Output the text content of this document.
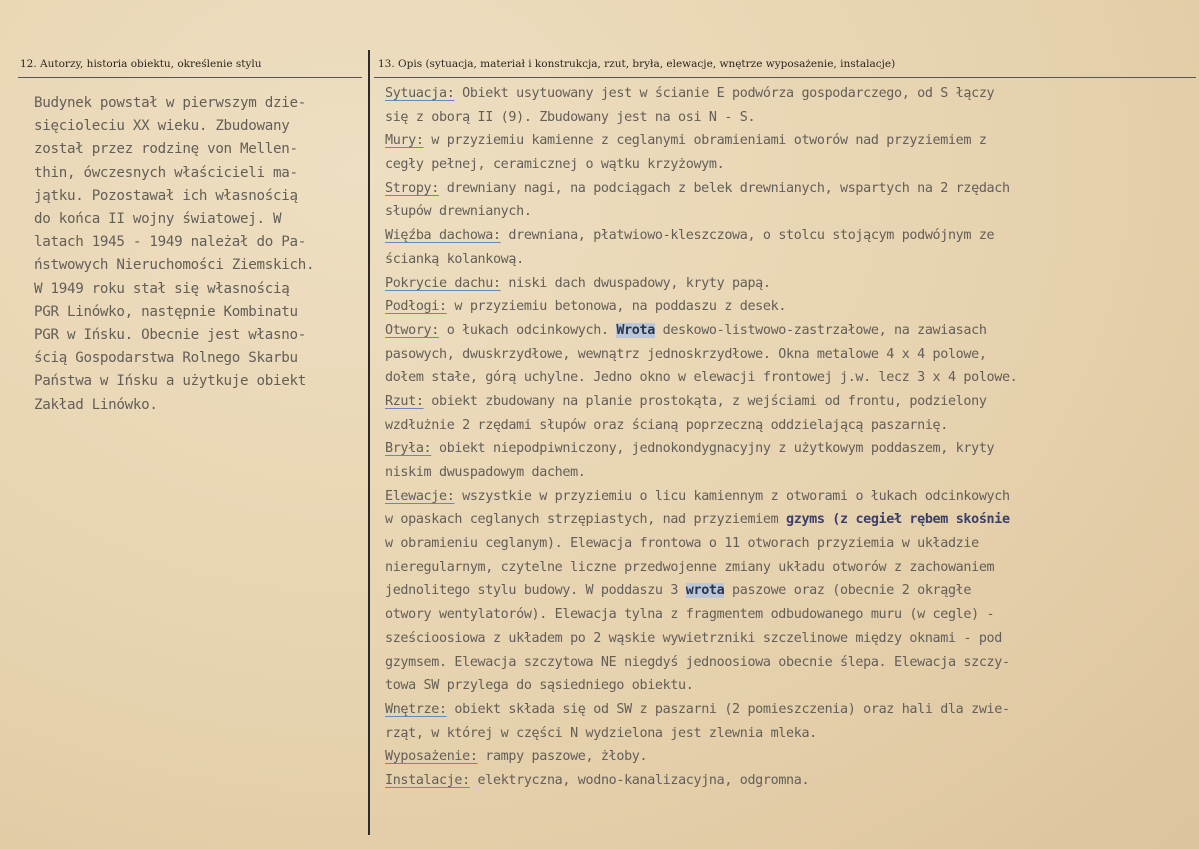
12. Autorzy, historia obiektu, określenie stylu	13. Opis (sytuacja, materiał i konstrukcja, rzut, bryła, elewacje, wnętrze wyposażenie, instalacje)
Budynek powstał w pierwszym dzie-
sięcioleciu XX wieku. Zbudowany
został przez rodzinę von Mellen-
thin, ówczesnych właścicieli ma-
jątku. Pozostawał ich własnością
do końca II wojny światowej. W
latach 1945 - 1949 należał do Pa-
ństwowych Nieruchomości Ziemskich.
W 1949 roku stał się własnością
PGR Linówko, następnie Kombinatu
PGR w Ińsku. Obecnie jest własno-
ścią Gospodarstwa Rolnego Skarbu
Państwa w Ińsku a użytkuje obiekt
Zakład Linówko.
Sytuacja: Obiekt usytuowany jest w ścianie E podwórza gospodarczego, od S łączy
się z oborą II (9). Zbudowany jest na osi N - S.
Mury: w przyziemiu kamienne z ceglanymi obramieniami otworów nad przyziemiem z
cegły pełnej, ceramicznej o wątku krzyżowym.
Stropy: drewniany nagi, na podciągach z belek drewnianych, wspartych na 2 rzędach
słupów drewnianych.
Więźba dachowa: drewniana, płatwiowo-kleszczowa, o stolcu stojącym podwójnym ze
ścianką kolankową.
Pokrycie dachu: niski dach dwuspadowy, kryty papą.
Podłogi: w przyziemiu betonowa, na poddaszu z desek.
Otwory: o łukach odcinkowych. Wrota deskowo-listwowo-zastrzałowe, na zawiasach
pasowych, dwuskrzydłowe, wewnątrz jednoskrzydłowe. Okna metalowe 4 x 4 polowe,
dołem stałe, górą uchylne. Jedno okno w elewacji frontowej j.w. lecz 3 x 4 polowe.
Rzut: obiekt zbudowany na planie prostokąta, z wejściami od frontu, podzielony
wzdłużnie 2 rzędami słupów oraz ścianą poprzeczną oddzielającą paszarnię.
Bryła: obiekt niepodpiwniczony, jednokondygnacyjny z użytkowym poddaszem, kryty
niskim dwuspadowym dachem.
Elewacje: wszystkie w przyziemiu o licu kamiennym z otworami o łukach odcinkowych
w opaskach ceglanych strzępiastych, nad przyziemiem gzyms (z cegieł rębem skośnie
w obramieniu ceglanym). Elewacja frontowa o 11 otworach przyziemia w układzie
nieregularnym, czytelne liczne przedwojenne zmiany układu otworów z zachowaniem
jednolitego stylu budowy. W poddaszu 3 wrota paszowe oraz (obecnie 2 okrągłe
otwory wentylatorów). Elewacja tylna z fragmentem odbudowanego muru (w cegle) -
sześcioosiowa z układem po 2 wąskie wywietrzniki szczelinowe między oknami - pod
gzymsem. Elewacja szczytowa NE niegdyś jednoosiowa obecnie ślepa. Elewacja szczy-
towa SW przylega do sąsiedniego obiektu.
Wnętrze: obiekt składa się od SW z paszarni (2 pomieszczenia) oraz hali dla zwie-
rząt, w której w części N wydzielona jest zlewnia mleka.
Wyposażenie: rampy paszowe, żłoby.
Instalacje: elektryczna, wodno-kanalizacyjna, odgromna.
